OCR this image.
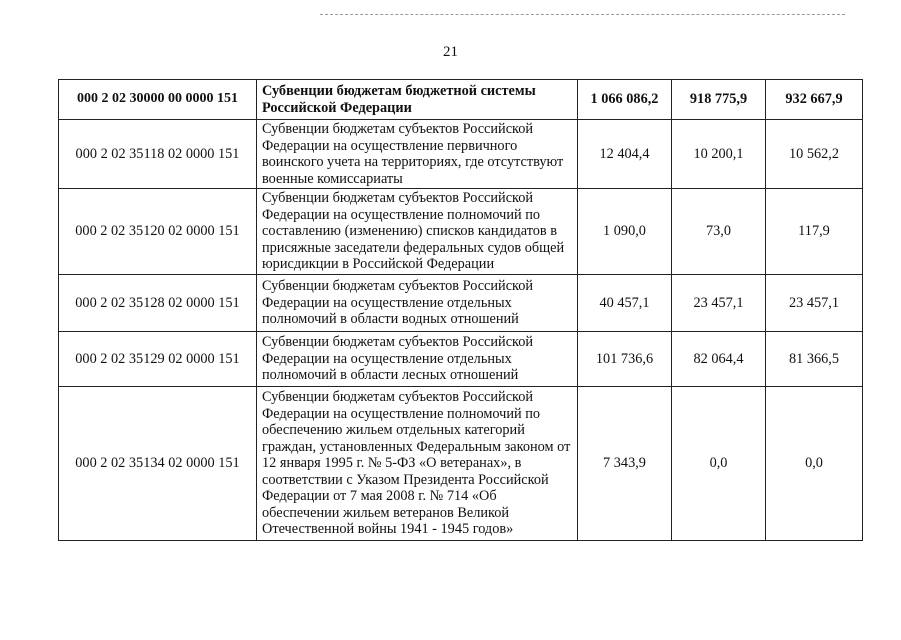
21
000 2 02 30000 00 0000 151	Субвенции бюджетам бюджетной системы Российской Федерации	1 066 086,2	918 775,9	932 667,9
000 2 02 35118 02 0000 151	Субвенции бюджетам субъектов Российской Федерации на осуществление первичного воинского учета на территориях, где отсутствуют военные комиссариаты	12 404,4	10 200,1	10 562,2
000 2 02 35120 02 0000 151	Субвенции бюджетам субъектов Российской Федерации на осуществление полномочий по составлению (изменению) списков кандидатов в присяжные заседатели федеральных судов общей юрисдикции в Российской Федерации	1 090,0	73,0	117,9
000 2 02 35128 02 0000 151	Субвенции бюджетам субъектов Российской Федерации на осуществление отдельных полномочий в области водных отношений	40 457,1	23 457,1	23 457,1
000 2 02 35129 02 0000 151	Субвенции бюджетам субъектов Российской Федерации на осуществление отдельных полномочий в области лесных отношений	101 736,6	82 064,4	81 366,5
000 2 02 35134 02 0000 151	Субвенции бюджетам субъектов Российской Федерации на осуществление полномочий по обеспечению жильем отдельных категорий граждан, установленных Федеральным законом от 12 января 1995 г. № 5-ФЗ «О ветеранах», в соответствии с Указом Президента Российской Федерации от 7 мая 2008 г. № 714 «Об обеспечении жильем ветеранов Великой Отечественной войны 1941 - 1945 годов»	7 343,9	0,0	0,0
